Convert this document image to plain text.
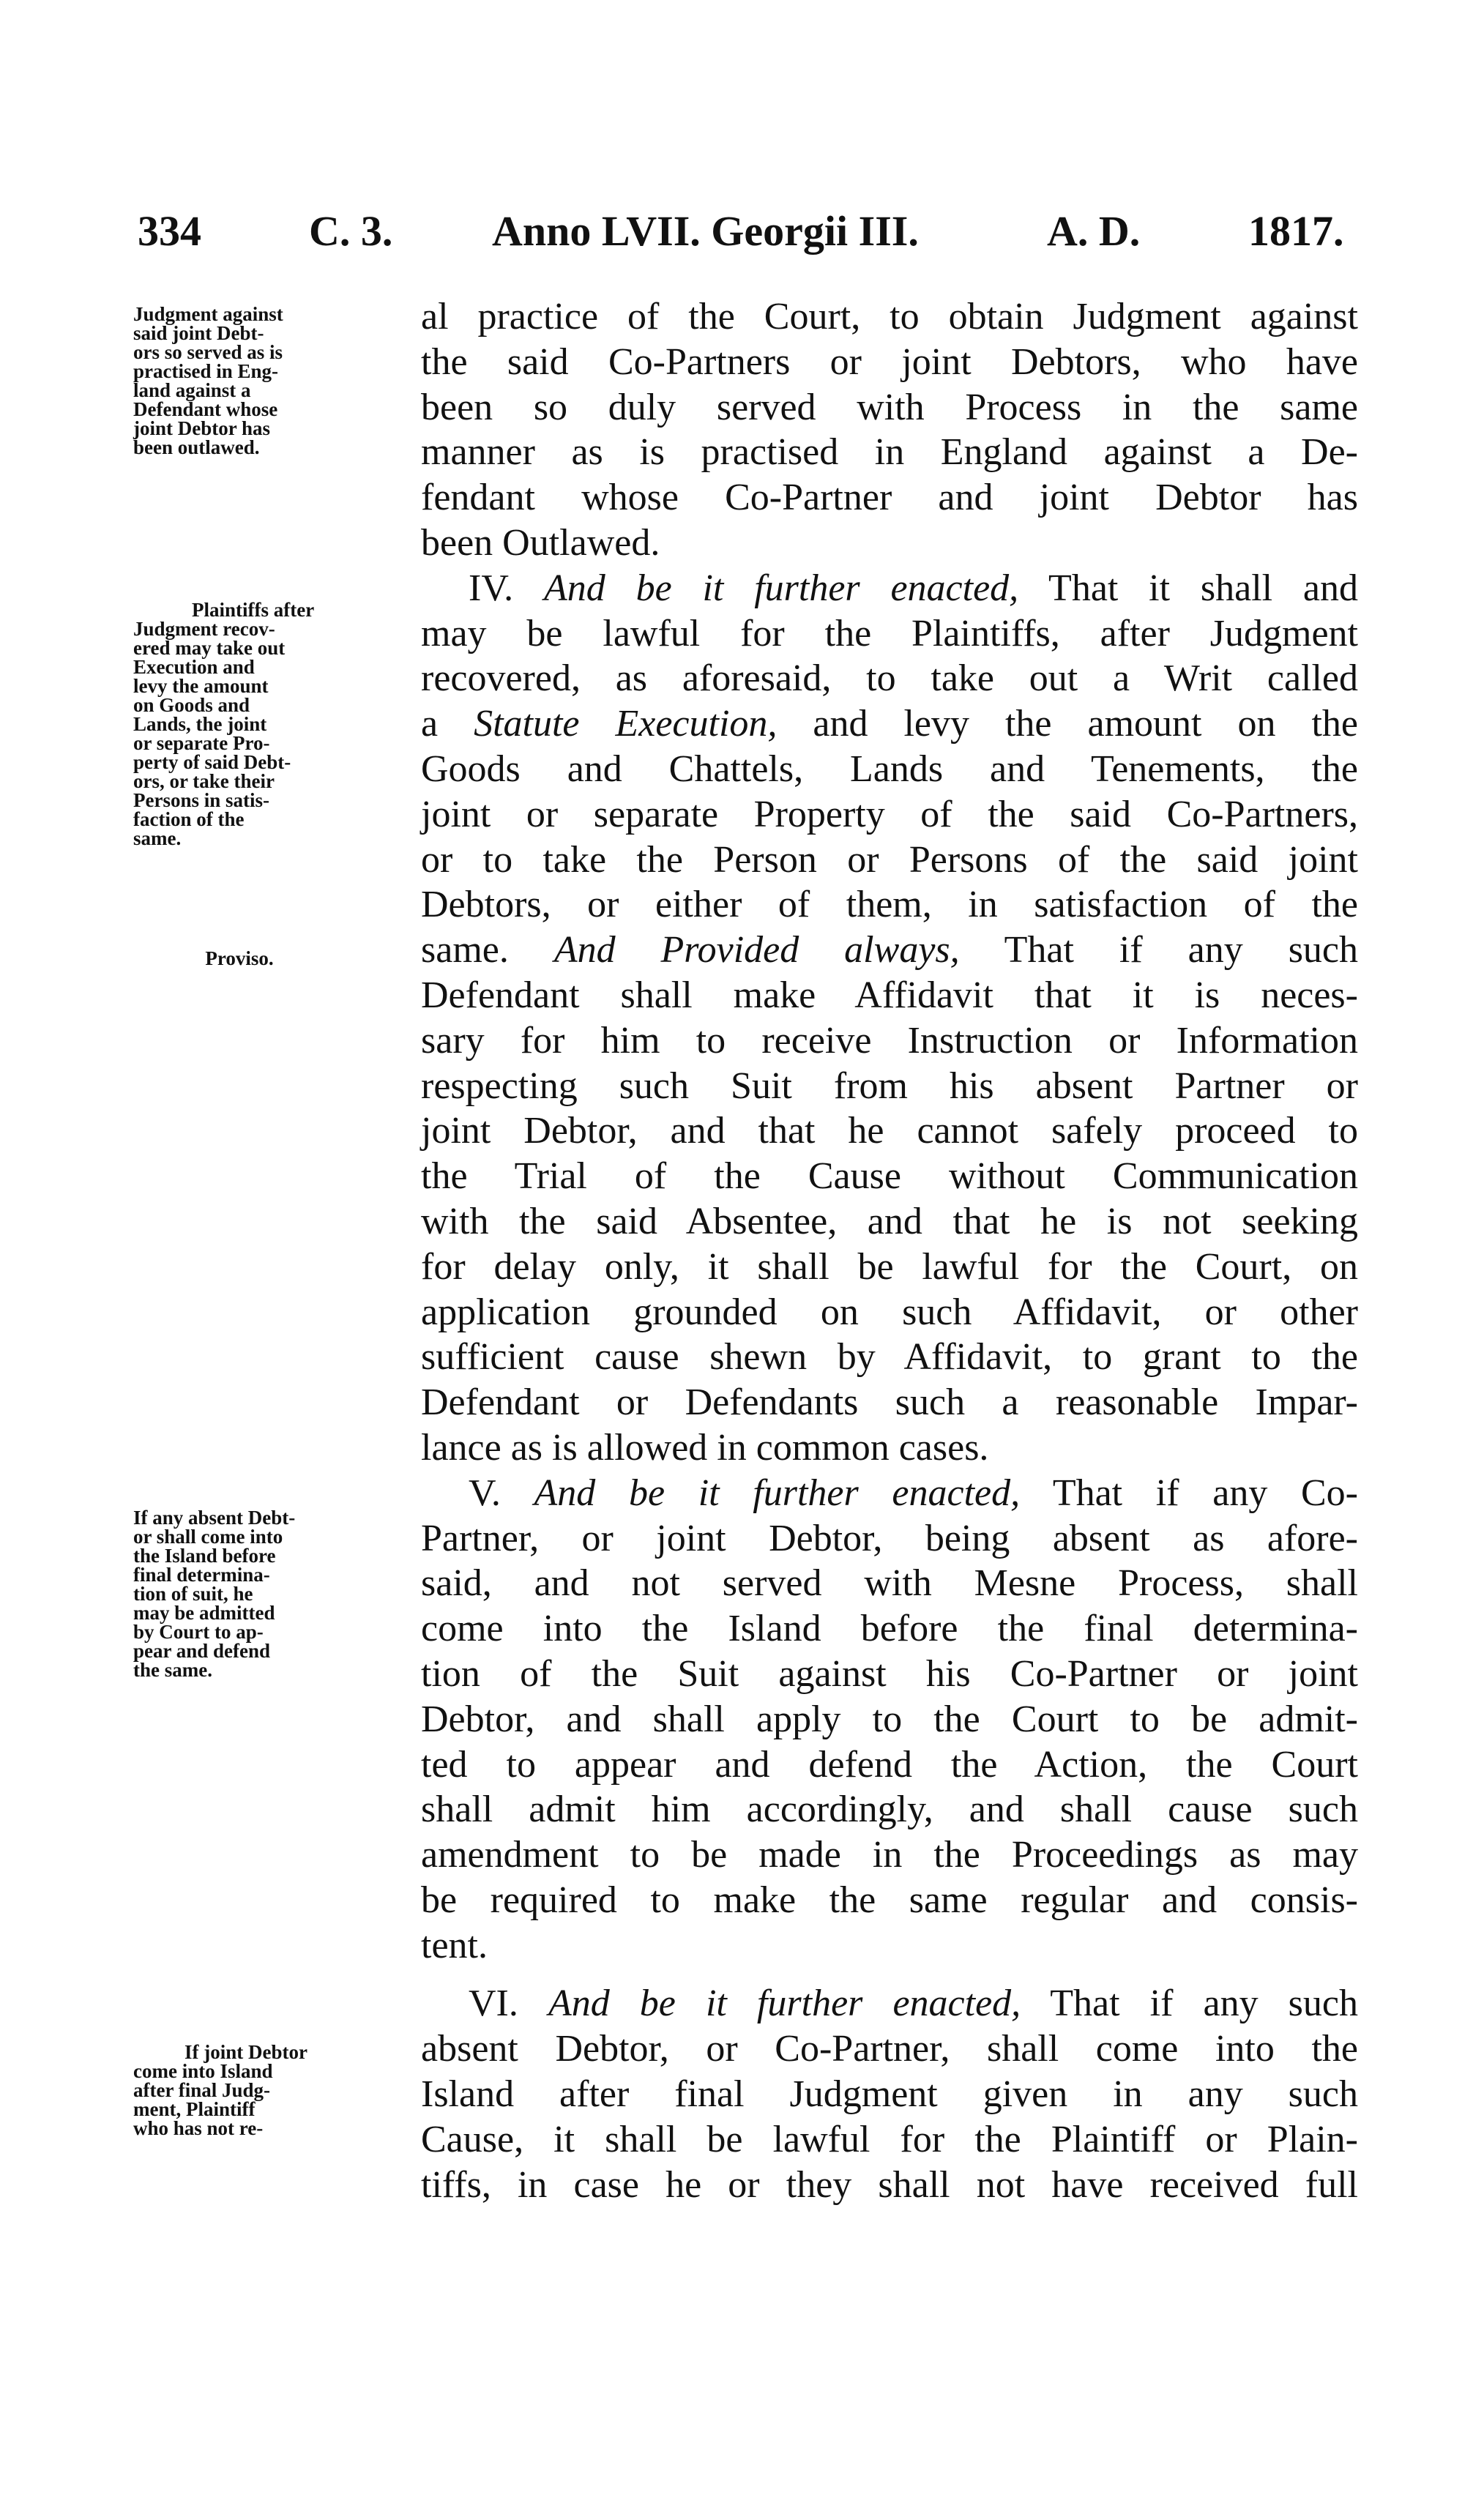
334	C. 3. Anno LVII. Georgii III.	A. D.	1817.
Judgment against
said joint Debt-
ors so served as is
practised in Eng-
land against a
Defendant whose
joint Debtor has
been outlawed.
Plaintiffs after
Judgment recov-
ered may take out
Execution and
levy the amount
on Goods and
Lands, the joint
or separate Pro-
perty of said Debt-
ors, or take their
Persons in satis-
faction of the
same.
Proviso.
If any absent Debt-
or shall come into
the Island before
final determina-
tion of suit, he
may be admitted
by Court to ap-
pear and defend
the same.
If joint Debtor
come into Island
after final Judg-
ment, Plaintiff
who has not re-
al practice of the Court, to obtain Judgment against
the said Co-Partners or joint Debtors, who have
been so duly served with Process in the same
manner as is practised in England against a De-
fendant whose Co-Partner and joint Debtor has
been Outlawed.
IV. And be it further enacted, That it shall and
may be lawful for the Plaintiffs, after Judgment
recovered, as aforesaid, to take out a Writ called
a Statute Execution, and levy the amount on the
Goods and Chattels, Lands and Tenements, the
joint or separate Property of the said Co-Partners,
or to take the Person or Persons of the said joint
Debtors, or either of them, in satisfaction of the
same. And Provided always, That if any such
Defendant shall make Affidavit that it is neces-
sary for him to receive Instruction or Information
respecting such Suit from his absent Partner or
joint Debtor, and that he cannot safely proceed to
the Trial of the Cause without Communication
with the said Absentee, and that he is not seeking
for delay only, it shall be lawful for the Court, on
application grounded on such Affidavit, or other
sufficient cause shewn by Affidavit, to grant to the
Defendant or Defendants such a reasonable Impar-
lance as is allowed in common cases.
V. And be it further enacted, That if any Co-
Partner, or joint Debtor, being absent as afore-
said, and not served with Mesne Process, shall
come into the Island before the final determina-
tion of the Suit against his Co-Partner or joint
Debtor, and shall apply to the Court to be admit-
ted to appear and defend the Action, the Court
shall admit him accordingly, and shall cause such
amendment to be made in the Proceedings as may
be required to make the same regular and consis-
tent.
VI. And be it further enacted, That if any such
absent Debtor, or Co-Partner, shall come into the
Island after final Judgment given in any such
Cause, it shall be lawful for the Plaintiff or Plain-
tiffs, in case he or they shall not have received full
